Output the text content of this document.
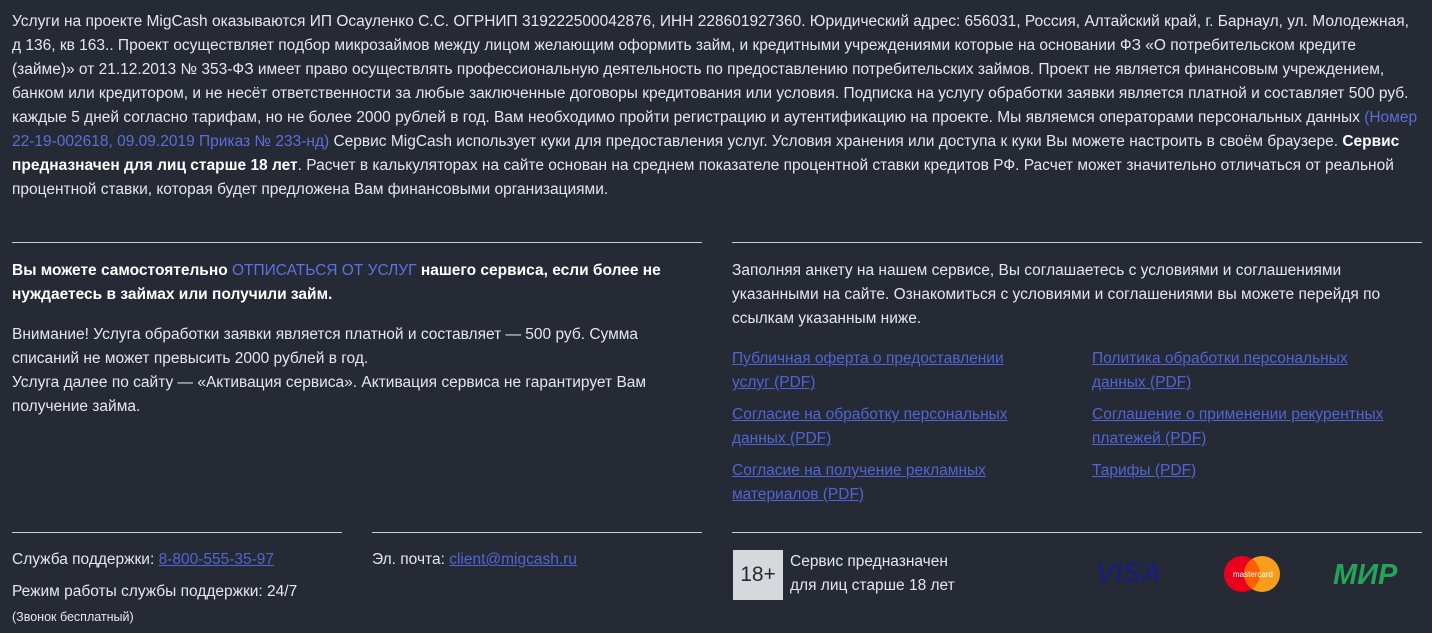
Услуги на проекте MigCash оказываются ИП Осауленко С.С. ОГРНИП 319222500042876, ИНН 228601927360. Юридический адрес: 656031, Россия, Алтайский край, г. Барнаул, ул. Молодежная, д 136, кв 163.. Проект осуществляет подбор микрозаймов между лицом желающим оформить займ, и кредитными учреждениями которые на основании ФЗ «О потребительском кредите (займе)» от 21.12.2013 № 353-ФЗ имеет право осуществлять профессиональную деятельность по предоставлению потребительских займов. Проект не является финансовым учреждением, банком или кредитором, и не несёт ответственности за любые заключенные договоры кредитования или условия. Подписка на услугу обработки заявки является платной и составляет 500 руб. каждые 5 дней согласно тарифам, но не более 2000 рублей в год. Вам необходимо пройти регистрацию и аутентификацию на проекте. Мы являемся операторами персональных данных (Номер 22-19-002618, 09.09.2019 Приказ № 233-нд) Сервис MigCash использует куки для предоставления услуг. Условия хранения или доступа к куки Вы можете настроить в своём браузере. Сервис предназначен для лиц старше 18 лет. Расчет в калькуляторах на сайте основан на среднем показателе процентной ставки кредитов РФ. Расчет может значительно отличаться от реальной процентной ставки, которая будет предложена Вам финансовыми организациями.

Вы можете самостоятельно ОТПИСАТЬСЯ ОТ УСЛУГ нашего сервиса, если более не нуждаетесь в займах или получили займ.

Внимание! Услуга обработки заявки является платной и составляет — 500 руб. Сумма списаний не может превысить 2000 рублей в год.
Услуга далее по сайту — «Активация сервиса». Активация сервиса не гарантирует Вам получение займа.

Заполняя анкету на нашем сервисе, Вы соглашаетесь с условиями и соглашениями указанными на сайте. Ознакомиться с условиями и соглашениями вы можете перейдя по ссылкам указанным ниже.

Публичная оферта о предоставлении услуг (PDF)
Политика обработки персональных данных (PDF)
Согласие на обработку персональных данных (PDF)
Соглашение о применении рекурентных платежей (PDF)
Согласие на получение рекламных материалов (PDF)
Тарифы (PDF)
Служба поддержки: 8-800-555-35-97
Режим работы службы поддержки: 24/7
(Звонок бесплатный)
Эл. почта: client@migcash.ru
18+
Сервис предназначен
для лиц старше 18 лет	VISA	mastercard МИР
